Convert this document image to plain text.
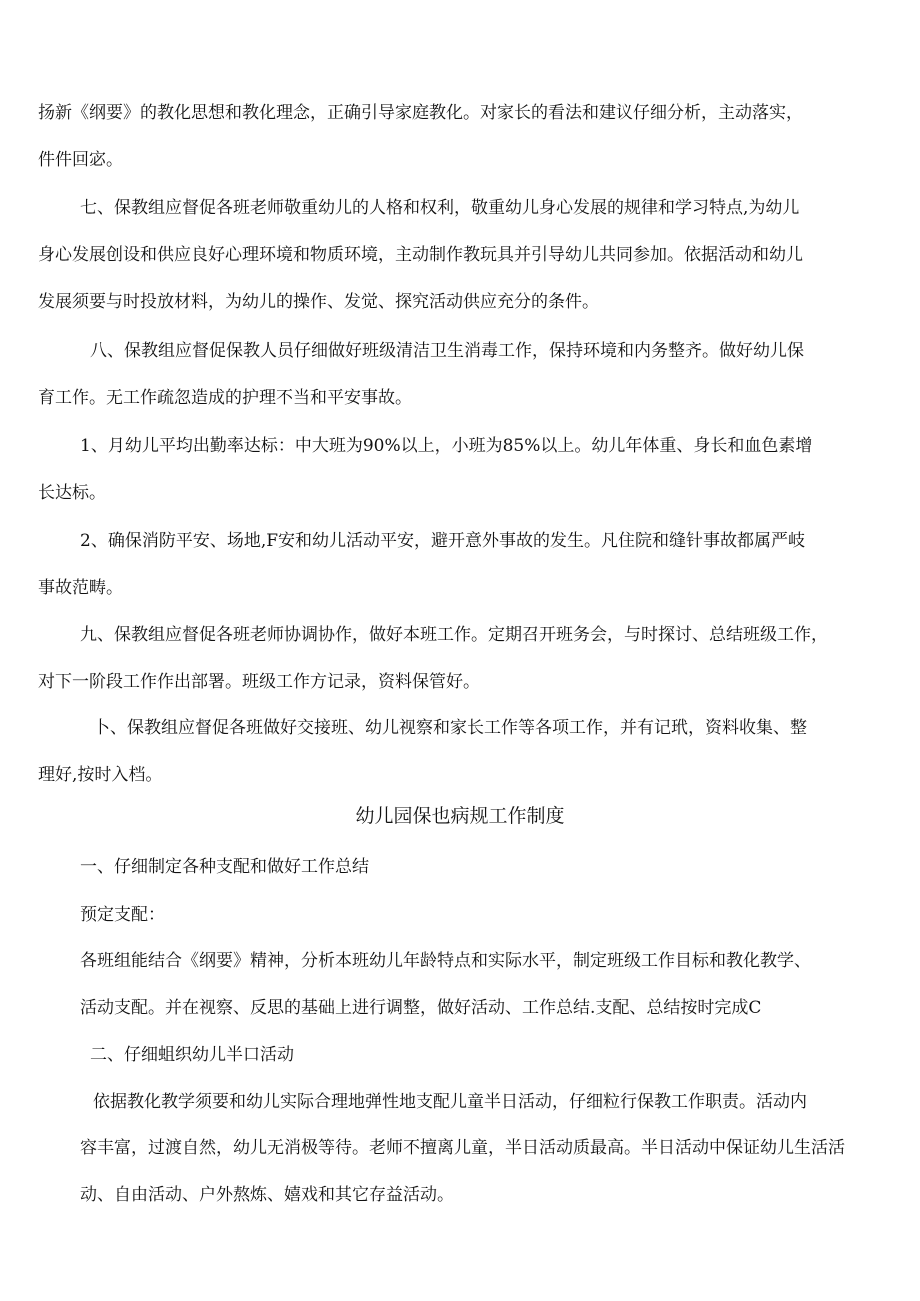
扬新《纲要》的教化思想和教化理念，正确引导家庭教化。对家长的看法和建议仔细分析，主动落实，
件件回宓。
七、保教组应督促各班老师敬重幼儿的人格和权利，敬重幼儿身心发展的规律和学习特点,为幼儿
身心发展创设和供应良好心理环境和物质环境，主动制作教玩具并引导幼儿共同参加。依据活动和幼儿
发展须要与时投放材料，为幼儿的操作、发觉、探究活动供应充分的条件。
八、保教组应督促保教人员仔细做好班级清洁卫生消毒工作，保持环境和内务整齐。做好幼儿保
育工作。无工作疏忽造成的护理不当和平安事故。
1、月幼儿平均出勤率达标：中大班为90%以上，小班为85%以上。幼儿年体重、身长和血色素增
长达标。
2、确保消防平安、场地,F安和幼儿活动平安，避开意外事故的发生。凡住院和缝针事故都属严岐
事故范畴。
九、保教组应督促各班老师协调协作，做好本班工作。定期召开班务会，与时探讨、总结班级工作，
对下一阶段工作作出部署。班级工作方记录，资料保管好。
卜、保教组应督促各班做好交接班、幼儿视察和家长工作等各项工作，并有记玳，资料收集、整
理好,按时入档。
幼儿园保也病规工作制度
一、仔细制定各种支配和做好工作总结
预定支配：
各班组能结合《纲要》精神，分析本班幼儿年龄特点和实际水平，制定班级工作目标和教化教学、
活动支配。并在视察、反思的基础上进行调整，做好活动、工作总结.支配、总结按时完成C
二、仔细蛆织幼儿半口活动
依据教化教学须要和幼儿实际合理地弹性地支配儿童半日活动，仔细粒行保教工作职责。活动内
容丰富，过渡自然，幼儿无消极等待。老师不擅离儿童，半日活动质最高。半日活动中保证幼儿生活活
动、自由活动、户外熬炼、嬉戏和其它存益活动。
